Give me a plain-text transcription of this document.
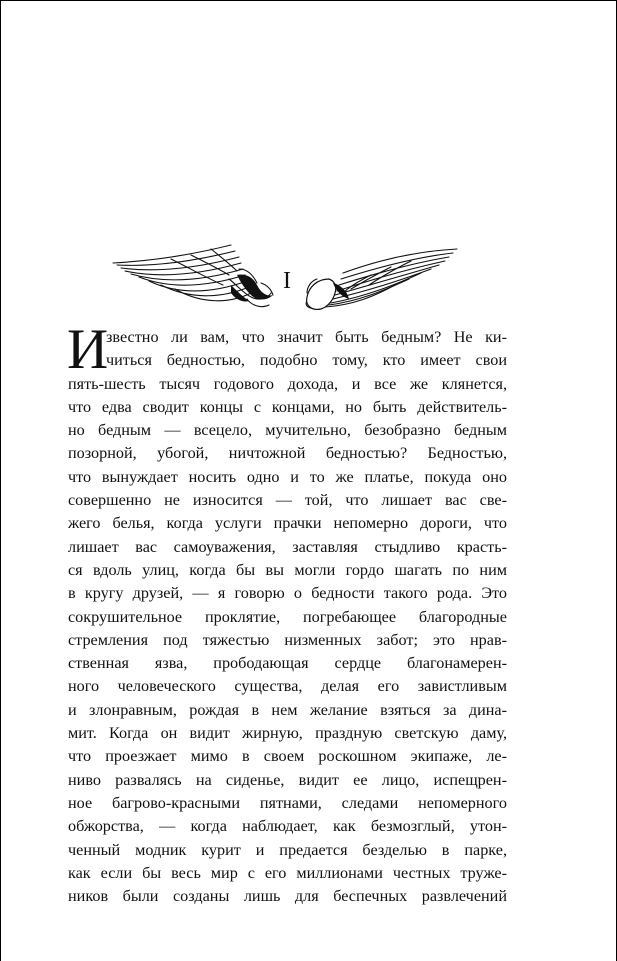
I
И
звестно ли вам, что значит быть бедным? Не ки-
читься бедностью, подобно тому, кто имеет свои
пять-шесть тысяч годового дохода, и все же клянется,
что едва сводит концы с концами, но быть действитель-
но бедным — всецело, мучительно, безобразно бедным
позорной, убогой, ничтожной бедностью? Бедностью,
что вынуждает носить одно и то же платье, покуда оно
совершенно не износится — той, что лишает вас све-
жего белья, когда услуги прачки непомерно дороги, что
лишает вас самоуважения, заставляя стыдливо красть-
ся вдоль улиц, когда бы вы могли гордо шагать по ним
в кругу друзей, — я говорю о бедности такого рода. Это
сокрушительное проклятие, погребающее благородные
стремления под тяжестью низменных забот; это нрав-
ственная язва, прободающая сердце благонамерен-
ного человеческого существа, делая его завистливым
и злонравным, рождая в нем желание взяться за дина-
мит. Когда он видит жирную, праздную светскую даму,
что проезжает мимо в своем роскошном экипаже, ле-
ниво развалясь на сиденье, видит ее лицо, испещрен-
ное багрово-красными пятнами, следами непомерного
обжорства, — когда наблюдает, как безмозглый, утон-
ченный модник курит и предается безделью в парке,
как если бы весь мир с его миллионами честных труже-
ников были созданы лишь для беспечных развлечений
